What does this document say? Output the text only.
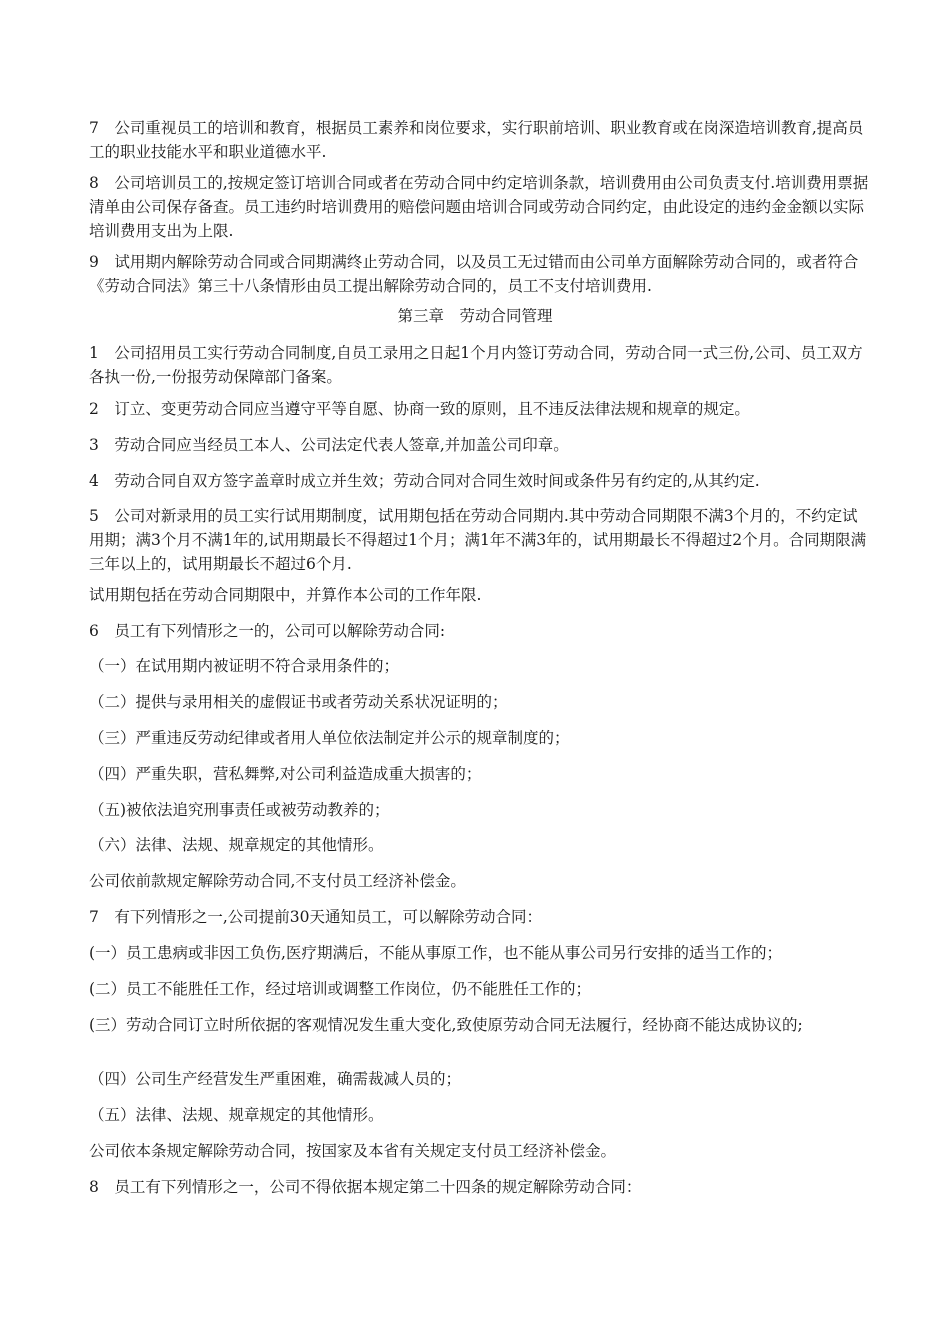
7　公司重视员工的培训和教育，根据员工素养和岗位要求，实行职前培训、职业教育或在岗深造培训教育,提高员工的职业技能水平和职业道德水平.

8　公司培训员工的,按规定签订培训合同或者在劳动合同中约定培训条款，培训费用由公司负责支付.培训费用票据清单由公司保存备查。员工违约时培训费用的赔偿问题由培训合同或劳动合同约定，由此设定的违约金金额以实际培训费用支出为上限.

9　试用期内解除劳动合同或合同期满终止劳动合同，以及员工无过错而由公司单方面解除劳动合同的，或者符合《劳动合同法》第三十八条情形由员工提出解除劳动合同的，员工不支付培训费用.

第三章　劳动合同管理

1　公司招用员工实行劳动合同制度,自员工录用之日起1个月内签订劳动合同，劳动合同一式三份,公司、员工双方各执一份,一份报劳动保障部门备案。

2　订立、变更劳动合同应当遵守平等自愿、协商一致的原则，且不违反法律法规和规章的规定。

3　劳动合同应当经员工本人、公司法定代表人签章,并加盖公司印章。

4　劳动合同自双方签字盖章时成立并生效；劳动合同对合同生效时间或条件另有约定的,从其约定.

5　公司对新录用的员工实行试用期制度，试用期包括在劳动合同期内.其中劳动合同期限不满3个月的，不约定试用期；满3个月不满1年的,试用期最长不得超过1个月；满1年不满3年的，试用期最长不得超过2个月。合同期限满三年以上的，试用期最长不超过6个月.

试用期包括在劳动合同期限中，并算作本公司的工作年限.

6　员工有下列情形之一的，公司可以解除劳动合同:

（一）在试用期内被证明不符合录用条件的；

（二）提供与录用相关的虚假证书或者劳动关系状况证明的；

（三）严重违反劳动纪律或者用人单位依法制定并公示的规章制度的；

（四）严重失职，营私舞弊,对公司利益造成重大损害的；

（五)被依法追究刑事责任或被劳动教养的；

（六）法律、法规、规章规定的其他情形。

公司依前款规定解除劳动合同,不支付员工经济补偿金。

7　有下列情形之一,公司提前30天通知员工，可以解除劳动合同：

(一）员工患病或非因工负伤,医疗期满后，不能从事原工作，也不能从事公司另行安排的适当工作的；

(二）员工不能胜任工作，经过培训或调整工作岗位，仍不能胜任工作的；

(三）劳动合同订立时所依据的客观情况发生重大变化,致使原劳动合同无法履行，经协商不能达成协议的;

（四）公司生产经营发生严重困难，确需裁减人员的；

（五）法律、法规、规章规定的其他情形。

公司依本条规定解除劳动合同，按国家及本省有关规定支付员工经济补偿金。

8　员工有下列情形之一，公司不得依据本规定第二十四条的规定解除劳动合同：
